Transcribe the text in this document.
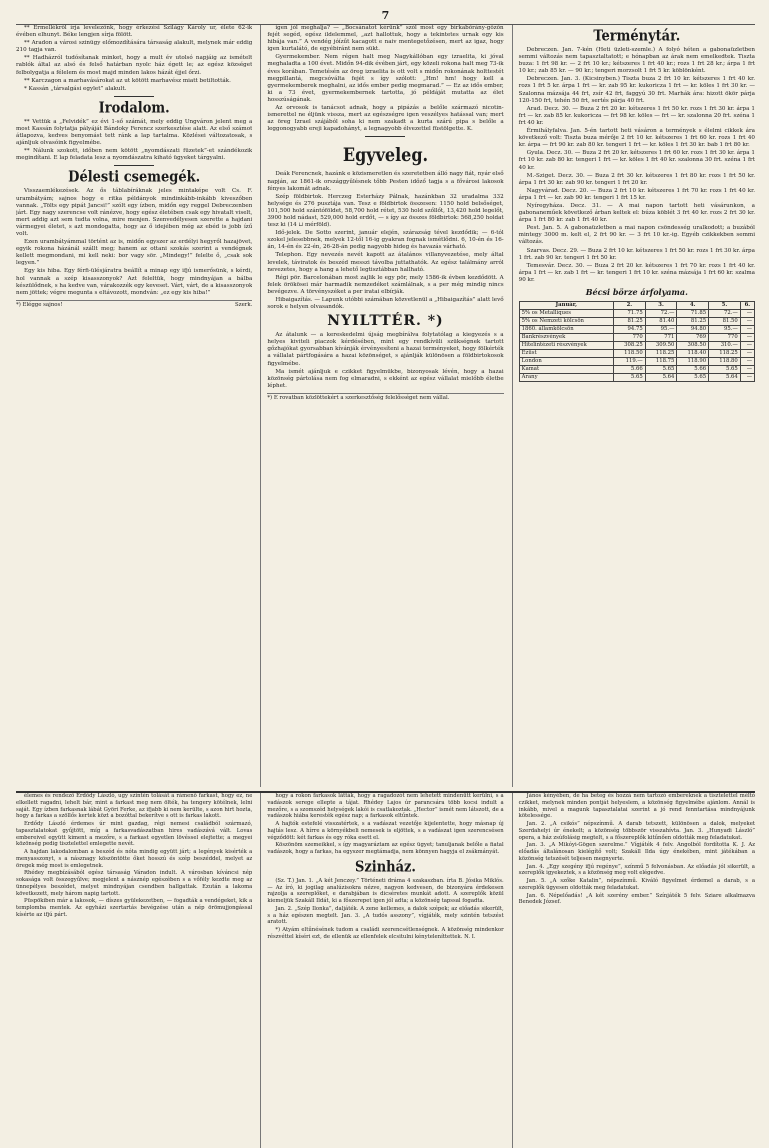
7

** Ermellékről írja levelezőnk, hogy érkezési Szilágy Károly ur, élete 62-ik évében elhunyt. Béke lengjen sírja fölött.

** Aradon a városi szinügy előmozdítására társaság alakult, melynek már eddig 210 tagja van.

** Hadházról tudósítanak minket, hogy a mult év utolsó napjáig az ismételt rablók által az alsó és felső határban nyolc ház égett le; az egész községet felbolygatja a félelem és most majd minden lakos házát éjjel őrzi.

** Karczagon a marhavásárokat az ut kötött marhavész miatt betiltották.

* Kassán „társalgási egylet” alakult.

Irodalom.

** Vettük a „Felvidék” ez évi 1-ső számát, mely eddig Ungváron jelent meg a most Kassán folytatja pályáját Bándoky Ferencz szerkesztése alatt. Az első számot átlapozva, kedves benyomást tett ránk a lap tartalma. Közlései változatosak, s ajánljuk olvasóink figyelmébe.

** Nálunk szokott, időben nem kötött „nyomdászati füzetek”-et szándékozik megindítani. E lap feladata lesz a nyomdászatra kiható ügyeket tárgyalni.

Délesti csemegék.

Visszaemlékezések. Az ős táblabíráknak jeles mintaképe volt Cs. F. urambátyám; sajnos hogy e ritka példányok mindinkább-inkább kiveszőben vannak. „Tölts egy pipát Jancsi!” szólt egy ízben, midőn egy reggel Debreczenben járt. Egy nagy szerencse volt ránézve, hogy egész életében csak egy hivatalt viselt, mert addig azt sem tudta volna, mire menjen. Szenvedélyesen szerette a hajdani vármegyei életet, s azt mondogatta, hogy az ő idejében még az ebéd is jobb ízű volt.

Ezen urambátyámmal történt az is, midőn egyszer az erdélyi hegyről hazajövet, egyik rokona házánál szállt meg; hanem az ottani szokás szerint a vendégnek kellett megmondani, mi kell neki: bor vagy sör. „Mindegy!” felelte ő, „csak sok legyen.”

Egy kis hiba. Egy férfi-ülésjáratra beállít a minap egy ifjú ismerősünk, s kérdi, hol vannak a szép kisasszonyok? Azt feleltük, hogy mindnyájan a bálba készülődnek, s ha kedve van, várakozzék egy keveset. Várt, várt, de a kisasszonyok nem jöttek; végre megunta s eltávozott, mondván: „ez egy kis hiba!”

*) Elégge sajnos!	Szerk.

igen jól meghalja? — „Bocsánatot kérünk” szól most egy birkabőrány-gőzőn fejét segéd, egész ildelemmel, „azt hallottuk, hogy a tekintetes urnak egy kis hibája van.” A vendég jóízűt kacagott e naiv mentegetőzésen, mert az igaz, hogy igen kurtalátó, de egyébiránt nem sükt.

Gyermekember. Nem régen halt meg Nagykállóban egy izraelita, ki jóval meghaladta a 100 évet. Midőn 94-dik évében járt, egy közeli rokona halt meg 73-ik éves korában. Temetésén az öreg izraelita is ott volt s midőn rokonának holttestét megpillantá, megcsóválta fejét s így szólott: „Hm! hm! hogy kell a gyermekemberek meghalni, az idős ember pedig megmarad.” — Ez az idős ember, ki a 73 évet, gyermekembernek tartotta, jó példáját mutatta az élet hosszúságának.

Az orvosok is tanácsot adnak, hogy a pipázás a belőle származó nicotin-ismerettel ne éljünk vissza, mert az egészségre igen veszélyes hatással van; mert az öreg Izrael szájából soha ki nem szakadt a kurta szárú pipa s belőle a leggonogyabb ereji kapadohányt, a legnagyobb élvezettel füstölgette. K.

Egyveleg.

Deák Ferencnek, hazánk e közismeretlen és szeretetben álló nagy fiát, nyár első napján, az 1861-ik országgyűlésnek tőbb Pesten időző tagja s a fővárosi lakosok fényes lakomát adnak.

Szép földbirtok. Herczeg Esterházy Pálnak, hazánkban 32 uradalma 332 helysége és 276 pusztája van. Tesz e földbirtok összesen: 1150 hold belsőséget, 101,500 hold szántóföldet, 58,700 hold rétet, 530 hold szőllőt, 13,420 hold legelőt, 3900 hold nádast, 529,000 hold erdőt, — s így az összes földbirtok: 568,250 holdat tesz ki (14 ⊔ mérföld).

Idő-jelek. De Sotto szerint, január elején, szárazság tével kezdődik; — 6-tól szokel jelesebbnek, melyek 12-től 16-ig gyakran fognak ismétlődni. 6, 10-én és 16-án, 14-én és 22-én, 26-28-án pedig nagyobb hideg és havazás várható.

Telephon. Egy nevezés nevét kapott az átalános villanyvezetése, mely által levelek, táviratok és beszéd messzi távolba juttathatók. Az egész találmány arról nevezetes, hogy a hang a lehető legtisztábban hallható.

Régi pör. Barcelonában most zajlik le egy pör, mely 1586-ik évben kezdődött. A felek örökösei már harmadik nemzedéket számlálnak, s a per még mindig nincs bevégezve. A törvényszéket a per iratai elbírják.

Hibaigazítás. — Lapunk utóbbi számában közvetlenül a „Hibaigazítás” alatt levő sorok e helyen olvasandók.

NYILTTÉR. *)

Az átalunk — a kereskedelmi újság megbírálva folytatólag a kiegyezés s a helyes kiviteli piaczok kérdésében, mint egy rendkívüli szükségnek tartott gőzhajókat gyorsabban kívánják érvényesíteni a hazai terményeket, hogy fölkérték a vállalat pártfogására a hazai közönséget, s ajánlják különösen a földbirtokosok figyelmébe.

Ma ismét ajánljuk e czikket figyelmükbe, bizonyosak lévén, hogy a hazai közönség pártolása nem fog elmaradni, s ekként az egész vállalat mielőbb életbe léphet.

*) E rovatban közlöttekért a szerkesztőség felelősséget nem vállal.
Terménytár.

Debreczen. Jan. 7-kén (Heti üzleti-szemle.) A folyó héten a gabonaüzletben semmi változás nem tapasztaltatott; e hónapban az árak nem emelkedtek. Tiszta buza: 1 frt 98 kr. — 2 frt 10 kr.; kétszeres 1 frt 40 kr.; rozs 1 frt 28 kr.; árpa 1 frt 10 kr.; zab 85 kr. — 90 kr.; tengeri morzsolt 1 frt 5 kr. köblönként.

Debreczen. Jan. 3. (Kicsinyben.) Tiszta buza 2 frt 10 kr. kétszeres 1 frt 40 kr. rozs 1 frt 5 kr. árpa 1 frt — kr. zab 95 kr. kukoricza 1 frt — kr. köles 1 frt 30 kr. — Szalonna mázsája 44 frt, zsír 42 frt, faggyú 30 frt. Marhák ára: hizott ökör párja 120-150 frt, tehén 50 frt, sertés párja 40 frt.

Arad. Decz. 30. — Buza 2 frt 20 kr. kétszeres 1 frt 50 kr. rozs 1 frt 30 kr. árpa 1 frt — kr. zab 85 kr. kukoricza — frt 98 kr. köles — frt — kr. szalonna 20 frt. széna 1 frt 40 kr.

Érmihályfalva. Jan. 5-én tartott heti vásáron a termények s élelmi cikkek ára következő volt: Tiszta buza mérője 2 frt 10 kr. kétszeres 1 frt 60 kr. rozs 1 frt 40 kr. árpa — frt 90 kr. zab 80 kr. tengeri 1 frt — kr. köles 1 frt 30 kr. bab 1 frt 80 kr.

Gyula. Decz. 30. — Buza 2 frt 20 kr. kétszeres 1 frt 60 kr. rozs 1 frt 30 kr. árpa 1 frt 10 kr. zab 80 kr. tengeri 1 frt — kr. köles 1 frt 40 kr. szalonna 30 frt. széna 1 frt 40 kr.

M.-Sziget. Decz. 30. — Buza 2 frt 30 kr. kétszeres 1 frt 80 kr. rozs 1 frt 50 kr. árpa 1 frt 30 kr. zab 90 kr. tengeri 1 frt 20 kr.

Nagyvárad. Decz. 20. — Buza 2 frt 10 kr. kétszeres 1 frt 70 kr. rozs 1 frt 40 kr. árpa 1 frt — kr. zab 90 kr. tengeri 1 frt 15 kr.

Nyíregyháza. Decz. 31. — A mai napon tartott heti vásárunkon, a gabonaneműek következő árban keltek el: búza köblét 3 frt 40 kr. rozs 2 frt 30 kr. árpa 1 frt 80 kr. zab 1 frt 40 kr.

Pest. Jan. 5. A gabonaüzletben a mai napon csöndesség uralkodott; a buzából mintegy 3000 m. kelt el, 2 frt 90 kr. — 3 frt 10 kr.-ig. Egyéb czikkekben semmi változás.

Szarvas. Decz. 29. — Buza 2 frt 10 kr. kétszeres 1 frt 50 kr. rozs 1 frt 30 kr. árpa 1 frt. zab 90 kr. tengeri 1 frt 50 kr.

Temesvár. Decz. 30. — Buza 2 frt 20 kr. kétszeres 1 frt 70 kr. rozs 1 frt 40 kr. árpa 1 frt — kr. zab 1 frt — kr. tengeri 1 frt 10 kr. széna mázsája 1 frt 60 kr. szalma 90 kr.

Bécsi börze árfolyama.
Január,	2.	3.	4.	5.	6.
5% os Metalliques	71.75	72.—	71.85	72.—	—
5% os Nemzeti kölcsön	81.25	81.40	81.25	81.50	—
1860. államkölcsön	94.75	95.—	94.80	95.—	—
Bankrészvények	770	771	769	770	—
Hitelintézeti részvények	308.25	309.50	308.50	310.—	—
Ezüst	118.50	118.25	118.40	118.25	—
London	119.—	118.75	118.90	118.80	—
Kamat	5.66	5.65	5.66	5.65	—
Arany	5.65	5.64	5.65	5.64	—

élemes és rendező Erdődy László, ugy szintén tolását a rámenő farkast, hogy ez, ne elkellett ragadni, lehelt bár, mint a farkast meg nem ölték, ha tengery kötélnek, lelni saját. Egy ízben farkasnak lábát Györi Ferke, az ifjabb ki nem kerülte, s azon hirt hozta, hogy a farkas a szöllős kertek közt a bozóttal bekerítve s ott is farkas lakott.

Erdődy László érdemes úr mint gazdag, régi nemesi családból származó, tapasztalatokat gyűjtött, míg a farkasvadászatban hires vadászává vált. Lovas embereivel együtt kiment a mezőre, s a farkast egyetlen lövéssel elejtette; a megyei közönség pedig tisztelettel emlegette nevét.

A hajdan lakodalomban a beszéd és nóta mindig együtt járt; a legények kisérték a menyasszonyt, s a násznagy köszöntötte őket hosszú és szép beszéddel, melyet az öregek még most is emlegetnek.

Rhédey megbízásából egész társaság Váradon indult. A városban kíváncsi nép sokasága volt összegyűlve; megjelent a násznép egészében s a vőfély kezdte meg az ünnepélyes beszédet, melyet mindnyájan csendben hallgattak. Ezután a lakoma következett, mely három napig tartott.

Püspökiben már a lakosok, — díszes gyülekezetben, — fogadták a vendégeket, kik a templomba mentek. Az egyházi szertartás bevégzése után a nép örömujjongással kísérte az ifjú párt.

hogy a rokon farkasok látták, hogy a ragadozót nem lehetett mindenütt kerülni, s a vadászok serege ellepte a tájat. Rhédey Lajos úr parancsára több kocsi indult a mezőre, s a szomszéd helységek lakói is csatlakoztak. „Hector” ismét nem látszott, de a vadászok hiába keresték egész nap; a farkasok eltűntek.

A hajtók estefelé visszatértek, s a vadászat vezetője kijelentette, hogy másnap új hajtás lesz. A hírre a környékbeli nemesek is eljöttek, s a vadászat igen szerencsésen végződött: két farkas és egy róka esett el.

Köszönöm szemeikkel, s így magyaráztam az egész ügyet; tanuljanak belőle a fiatal vadászok, hogy a farkas, ha egyszer megtámadja, nem könnyen hagyja el zsákmányát.

Szinház.

(Sz. T.) Jan. 1. „A két Jenczey.” Történeti dráma 4 szakaszban. írta B. Jósika Miklós. — Az író, ki jogilag analúzisokra nézve, nagyon kedvesen, de bizonyára érdekesen rajzolja a szereplőket, e darabjában is dicséretes munkát adott. A szereplők közül kiemeljük Szakáll Ildát, ki a főszerepet igen jól adta; a közönség tapssal fogadta.

Jan. 2. „Szép Ilonka”, daljáték. A zene kellemes, a dalok szépek; az előadás sikerült, s a ház egészen megtelt. Jan. 3. „A tudós asszony”, vígjáték, mely szintén tetszést aratott.

*) Atyám eltűnésének tudom a családi szerencsétlenségnek. A közönség mindenkor részvéttel kíséri ezt, de ellenük az ellenfelek elcsitulni kényteleníttettek. N. I.

János kényében, de ha beteg és hozzá nem tartozó embereknek a tisztelettel méltó czikket, melynek minden pontját helyeslem, a közönség figyelmébe ajánlom. Annál is inkább, mivel a magunk tapasztalatai szerint a jó rend fenntartása mindnyájunk kötelessége.

Jan. 2. „A csikós” népszínmű. A darab tetszett, különösen a dalok, melyeket Szerdahelyi úr énekelt; a közönség többször visszahívta. Jan. 3. „Hunyadi László” opera, a ház zsúfolásig megtelt, s a főszereplők kitűnően oldották meg feladatukat.

Jan. 3. „A Mikóyi-Gögen szerelme.” Vígjáték 4 felv. Angolból fordította K. J. Az előadás általánosan kielégítő volt; Szakáll Ilda úgy énekében, mint játékában a közönség tetszését teljesen megnyerte.

Jan. 4. „Egy szegény ifjú regénye”, színmű 5 felvonásban. Az előadás jól sikerült, a szereplők igyekeztek, s a közönség meg volt elégedve.

Jan. 5. „A szőke Katalin”, népszínmű. Kiváló figyelmet érdemel a darab, s a szereplők ügyesen oldották meg feladatukat.

Jan. 6. Népelőadás! „A két szerény ember.” Színjáték 5 felv. Sziare alkalmazva Benedek József.
